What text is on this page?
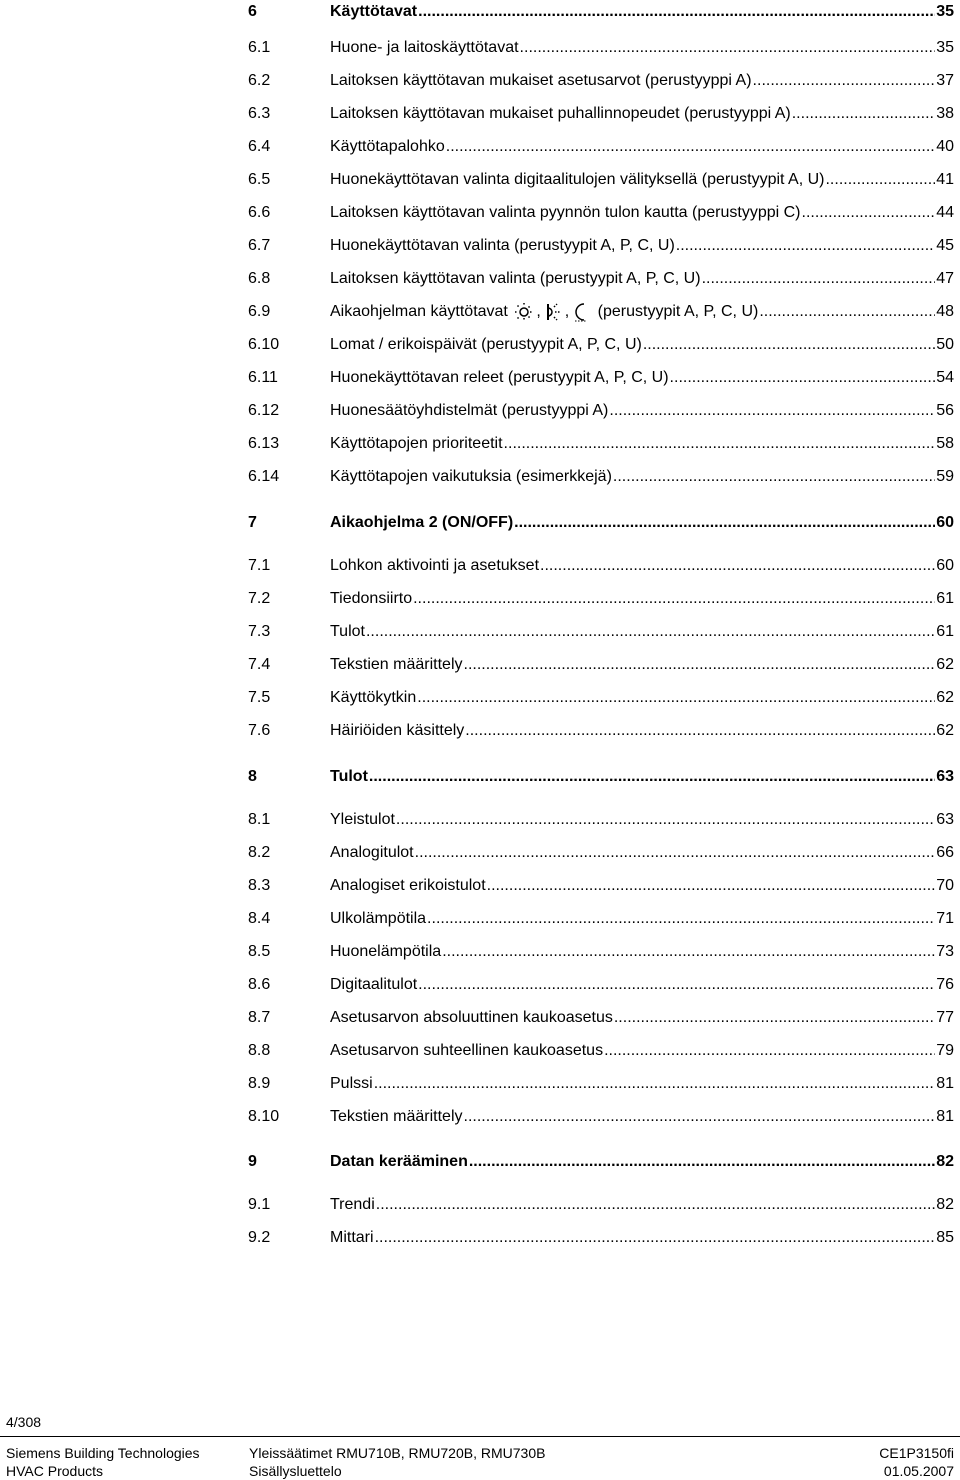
6	Käyttötavat .....	35
6.1	Huone- ja laitoskäyttötavat .....	35
6.2	Laitoksen käyttötavan mukaiset asetusarvot (perustyyppi A) .....	37
6.3	Laitoksen käyttötavan mukaiset puhallinnopeudet (perustyyppi A) .....	38
6.4	Käyttötapalohko .....	40
6.5	Huonekäyttötavan valinta digitaalitulojen välityksellä (perustyypit A, U) .....	41
6.6	Laitoksen käyttötavan valinta pyynnön tulon kautta (perustyyppi C) .....	44
6.7	Huonekäyttötavan valinta (perustyypit A, P, C, U) .....	45
6.8	Laitoksen käyttötavan valinta (perustyypit A, P, C, U) .....	47
6.9	Aikaohjelman käyttötavat , , (perustyypit A, P, C, U) .....	48
6.10	Lomat / erikoispäivät (perustyypit A, P, C, U) .....	50
6.11	Huonekäyttötavan releet (perustyypit A, P, C, U) .....	54
6.12	Huonesäätöyhdistelmät (perustyyppi A) .....	56
6.13	Käyttötapojen prioriteetit .....	58
6.14	Käyttötapojen vaikutuksia (esimerkkejä) .....	59
7	Aikaohjelma 2 (ON/OFF) .....	60
7.1	Lohkon aktivointi ja asetukset .....	60
7.2	Tiedonsiirto .....	61
7.3	Tulot .....	61
7.4	Tekstien määrittely .....	62
7.5	Käyttökytkin .....	62
7.6	Häiriöiden käsittely .....	62
8	Tulot .....	63
8.1	Yleistulot .....	63
8.2	Analogitulot .....	66
8.3	Analogiset erikoistulot .....	70
8.4	Ulkolämpötila .....	71
8.5	Huonelämpötila .....	73
8.6	Digitaalitulot .....	76
8.7	Asetusarvon absoluuttinen kaukoasetus .....	77
8.8	Asetusarvon suhteellinen kaukoasetus .....	79
8.9	Pulssi .....	81
8.10	Tekstien määrittely .....	81
9	Datan kerääminen .....	82
9.1	Trendi .....	82
9.2	Mittari .....	85
4/308
Siemens Building Technologies
HVAC Products
Yleissäätimet RMU710B, RMU720B, RMU730B
Sisällysluettelo
CE1P3150fi
01.05.2007
